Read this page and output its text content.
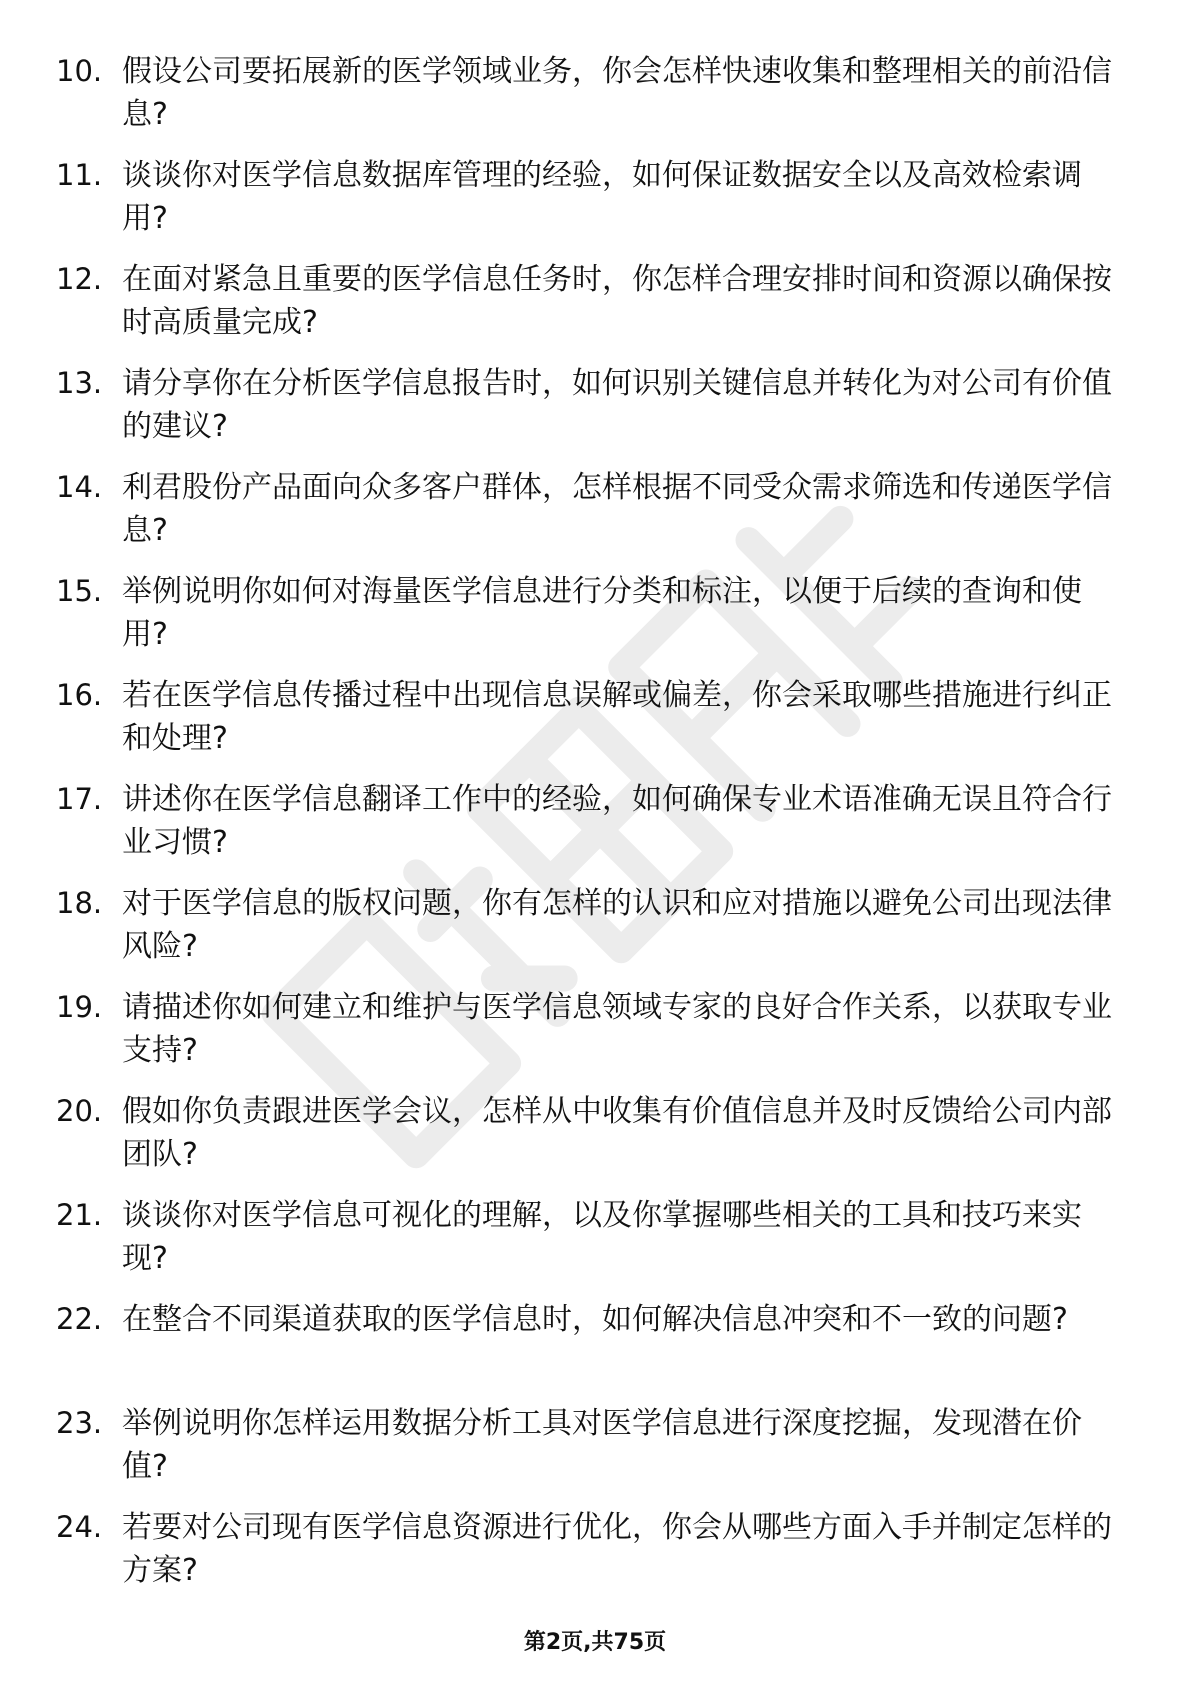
10. 假设公司要拓展新的医学领域业务，你会怎样快速收集和整理相关的前沿信息?
11. 谈谈你对医学信息数据库管理的经验，如何保证数据安全以及高效检索调用?
12. 在面对紧急且重要的医学信息任务时，你怎样合理安排时间和资源以确保按时高质量完成?
13. 请分享你在分析医学信息报告时，如何识别关键信息并转化为对公司有价值的建议?
14. 利君股份产品面向众多客户群体，怎样根据不同受众需求筛选和传递医学信息?
15. 举例说明你如何对海量医学信息进行分类和标注，以便于后续的查询和使用?
16. 若在医学信息传播过程中出现信息误解或偏差，你会采取哪些措施进行纠正和处理?
17. 讲述你在医学信息翻译工作中的经验，如何确保专业术语准确无误且符合行业习惯?
18. 对于医学信息的版权问题，你有怎样的认识和应对措施以避免公司出现法律风险?
19. 请描述你如何建立和维护与医学信息领域专家的良好合作关系，以获取专业支持?
20. 假如你负责跟进医学会议，怎样从中收集有价值信息并及时反馈给公司内部团队?
21. 谈谈你对医学信息可视化的理解，以及你掌握哪些相关的工具和技巧来实现?
22. 在整合不同渠道获取的医学信息时，如何解决信息冲突和不一致的问题?
23. 举例说明你怎样运用数据分析工具对医学信息进行深度挖掘，发现潜在价值?
24. 若要对公司现有医学信息资源进行优化，你会从哪些方面入手并制定怎样的方案?
第2页,共75页
